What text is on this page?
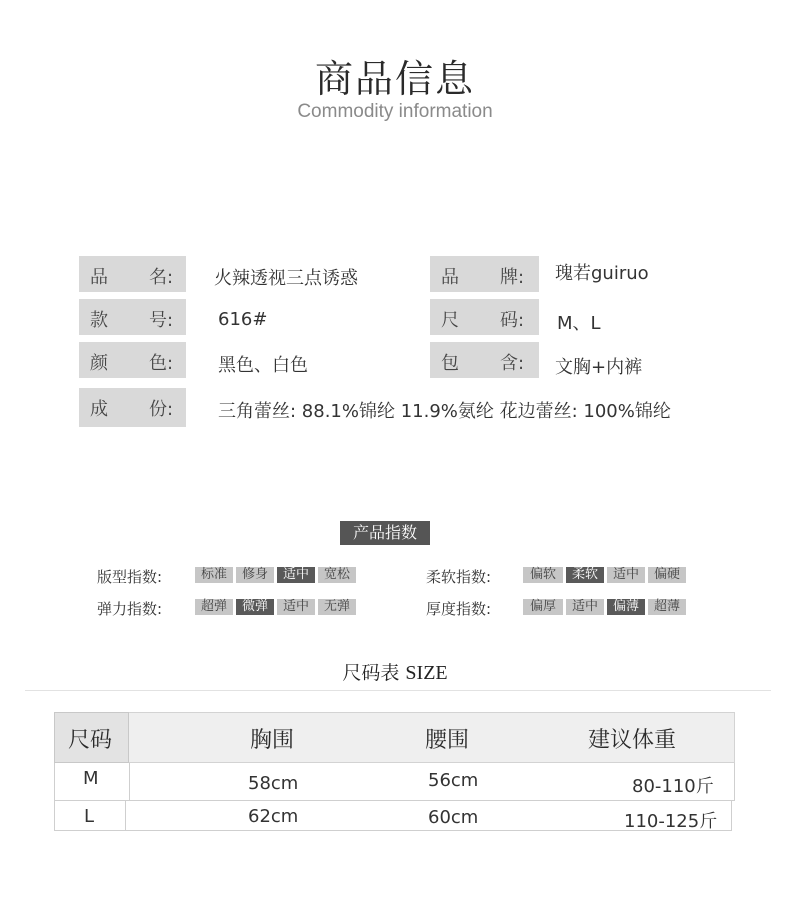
商品信息
Commodity information
品 名: 火辣透视三点诱惑	品 牌: 瑰若guiruo
款 号: 616#	尺 码: M、L
颜 色: 黑色、白色	包 含: 文胸+内裤
成 份: 三角蕾丝: 88.1%锦纶 11.9%氨纶 花边蕾丝: 100%锦纶
产品指数
版型指数:	标准	修身	适中	宽松	柔软指数:	偏软	柔软	适中	偏硬
弹力指数:	超弹	微弹	适中	无弹	厚度指数:	偏厚	适中	偏薄	超薄
尺码表 SIZE
尺码	胸围	腰围	建议体重
M	58cm	56cm	80-110斤
L	62cm	60cm	110-125斤
